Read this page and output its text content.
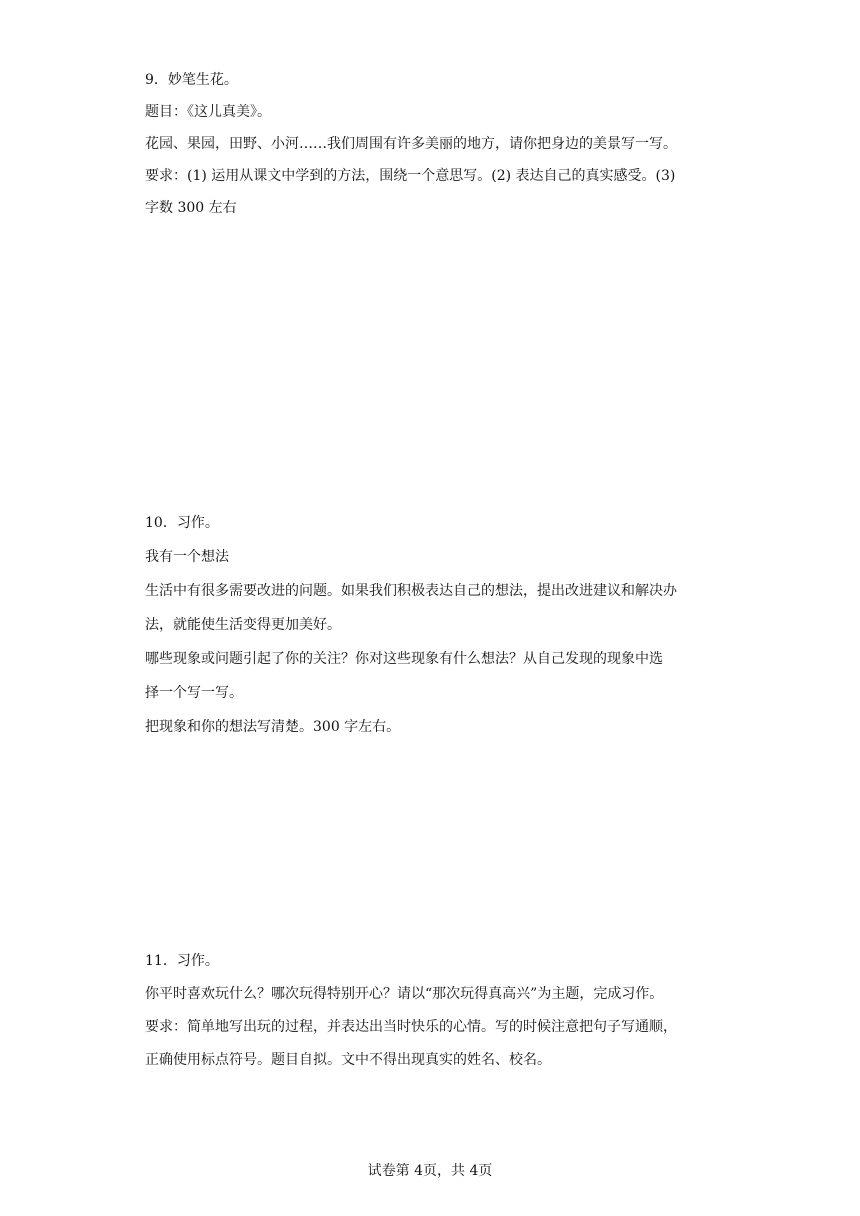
9．妙笔生花。
题目：《这儿真美》。
花园、果园，田野、小河……我们周围有许多美丽的地方，请你把身边的美景写一写。
要求：(1) 运用从课文中学到的方法，围绕一个意思写。(2) 表达自己的真实感受。(3)
字数 300 左右
10．习作。
我有一个想法
生活中有很多需要改进的问题。如果我们积极表达自己的想法，提出改进建议和解决办
法，就能使生活变得更加美好。
哪些现象或问题引起了你的关注？你对这些现象有什么想法？从自己发现的现象中选
择一个写一写。
把现象和你的想法写清楚。300 字左右。
11．习作。
你平时喜欢玩什么？哪次玩得特别开心？请以“那次玩得真高兴”为主题，完成习作。
要求：简单地写出玩的过程，并表达出当时快乐的心情。写的时候注意把句子写通顺，
正确使用标点符号。题目自拟。文中不得出现真实的姓名、校名。
试卷第 4页，共 4页
